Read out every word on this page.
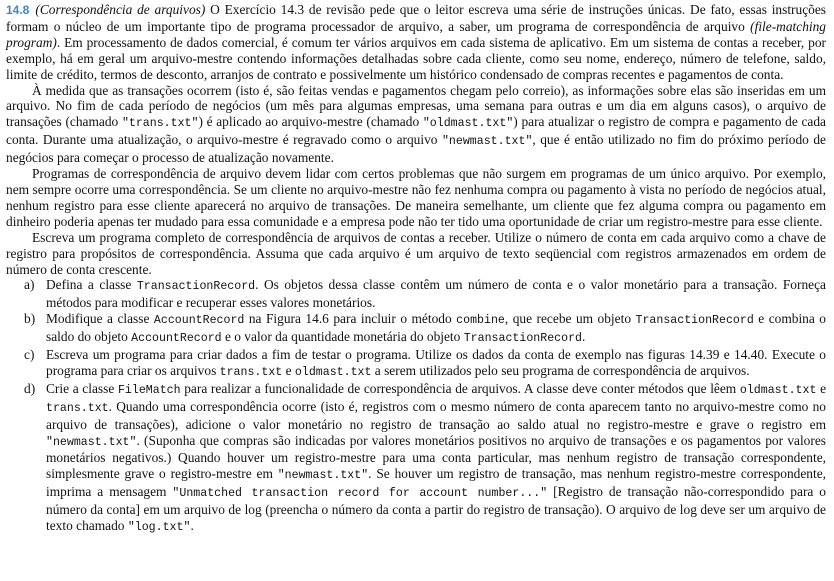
14.8 (Correspondência de arquivos) O Exercício 14.3 de revisão pede que o leitor escreva uma série de instruções únicas. De fato, essas instruções formam o núcleo de um importante tipo de programa processador de arquivo, a saber, um programa de correspondência de arquivo (file-matching program). Em processamento de dados comercial, é comum ter vários arquivos em cada sistema de aplicativo. Em um sistema de contas a receber, por exemplo, há em geral um arquivo-mestre contendo informações detalhadas sobre cada cliente, como seu nome, endereço, número de telefone, saldo, limite de crédito, termos de desconto, arranjos de contrato e possivelmente um histórico condensado de compras recentes e pagamentos de conta.

À medida que as transações ocorrem (isto é, são feitas vendas e pagamentos chegam pelo correio), as informações sobre elas são inseridas em um arquivo. No fim de cada período de negócios (um mês para algumas empresas, uma semana para outras e um dia em alguns casos), o arquivo de transações (chamado "trans.txt") é aplicado ao arquivo-mestre (chamado "oldmast.txt") para atualizar o registro de compra e pagamento de cada conta. Durante uma atualização, o arquivo-mestre é regravado como o arquivo "newmast.txt", que é então utilizado no fim do próximo período de negócios para começar o processo de atualização novamente.

Programas de correspondência de arquivo devem lidar com certos problemas que não surgem em programas de um único arquivo. Por exemplo, nem sempre ocorre uma correspondência. Se um cliente no arquivo-mestre não fez nenhuma compra ou pagamento à vista no período de negócios atual, nenhum registro para esse cliente aparecerá no arquivo de transações. De maneira semelhante, um cliente que fez alguma compra ou pagamento em dinheiro poderia apenas ter mudado para essa comunidade e a empresa pode não ter tido uma oportunidade de criar um registro-mestre para esse cliente.

Escreva um programa completo de correspondência de arquivos de contas a receber. Utilize o número de conta em cada arquivo como a chave de registro para propósitos de correspondência. Assuma que cada arquivo é um arquivo de texto seqüencial com registros armazenados em ordem de número de conta crescente.

a) Defina a classe TransactionRecord. Os objetos dessa classe contêm um número de conta e o valor monetário para a transação. Forneça métodos para modificar e recuperar esses valores monetários.
b) Modifique a classe AccountRecord na Figura 14.6 para incluir o método combine, que recebe um objeto TransactionRecord e combina o saldo do objeto AccountRecord e o valor da quantidade monetária do objeto TransactionRecord.
c) Escreva um programa para criar dados a fim de testar o programa. Utilize os dados da conta de exemplo nas figuras 14.39 e 14.40. Execute o programa para criar os arquivos trans.txt e oldmast.txt a serem utilizados pelo seu programa de correspondência de arquivos.
d) Crie a classe FileMatch para realizar a funcionalidade de correspondência de arquivos. A classe deve conter métodos que lêem oldmast.txt e trans.txt. Quando uma correspondência ocorre (isto é, registros com o mesmo número de conta aparecem tanto no arquivo-mestre como no arquivo de transações), adicione o valor monetário no registro de transação ao saldo atual no registro-mestre e grave o registro em "newmast.txt". (Suponha que compras são indicadas por valores monetários positivos no arquivo de transações e os pagamentos por valores monetários negativos.) Quando houver um registro-mestre para uma conta particular, mas nenhum registro de transação correspondente, simplesmente grave o registro-mestre em "newmast.txt". Se houver um registro de transação, mas nenhum registro-mestre correspondente, imprima a mensagem "Unmatched transaction record for account number..." [Registro de transação não-correspondido para o número da conta] em um arquivo de log (preencha o número da conta a partir do registro de transação). O arquivo de log deve ser um arquivo de texto chamado "log.txt".
